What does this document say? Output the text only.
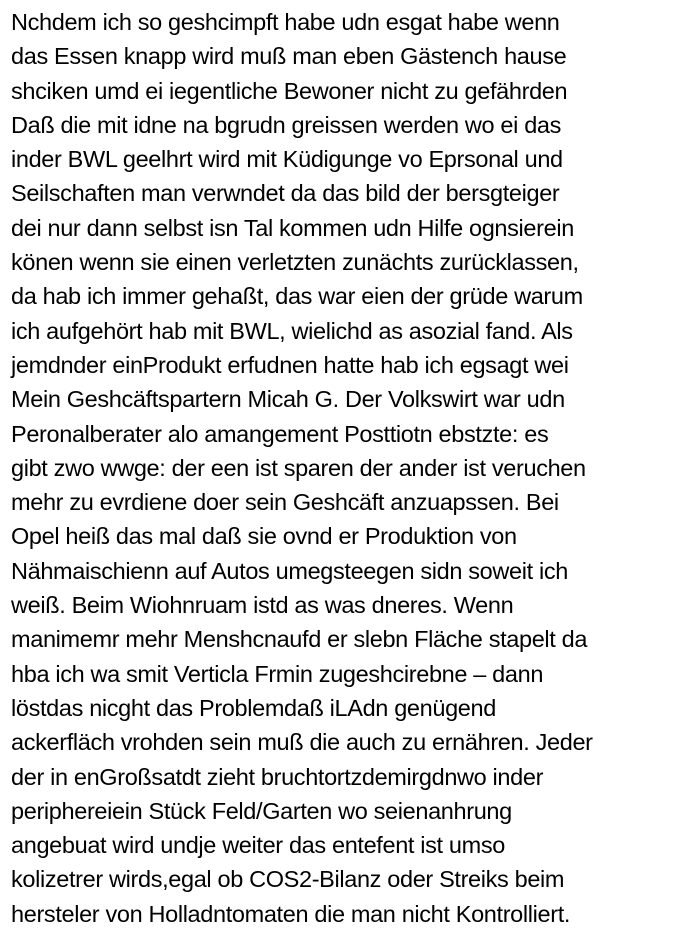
Nchdem ich so geshcimpft habe udn esgat habe wenn
das Essen knapp wird muß man eben Gästench hause
shciken umd ei iegentliche Bewoner nicht zu gefährden
Daß die mit idne na bgrudn greissen werden wo ei das
inder BWL geelhrt wird mit Küdigunge vo Eprsonal und
Seilschaften man verwndet da das bild der bersgteiger
dei nur dann selbst isn Tal kommen udn Hilfe ognsierein
könen wenn sie einen verletzten zunächts zurücklassen,
da hab ich immer gehaßt, das war eien der grüde warum
ich aufgehört hab mit BWL, wielichd as asozial fand. Als
jemdnder einProdukt erfudnen hatte hab ich egsagt wei
Mein Geshcäftspartern Micah G. Der Volkswirt war udn
Peronalberater alo amangement Posttiotn ebstzte: es
gibt zwo wwge: der een ist sparen der ander ist veruchen
mehr zu evrdiene doer sein Geshcäft anzuapssen. Bei
Opel heiß das mal daß sie ovnd er Produktion von
Nähmaischienn auf Autos umegsteegen sidn soweit ich
weiß. Beim Wiohnruam istd as was dneres. Wenn
manimemr mehr Menshcnaufd er slebn Fläche stapelt da
hba ich wa smit Verticla Frmin zugeshcirebne – dann
löstdas nicght das Problemdaß iLAdn genügend
ackerfläch vrohden sein muß die auch zu ernähren. Jeder
der in enGroßsatdt zieht bruchtortzdemirgdnwo inder
periphereiein Stück Feld/Garten wo seienanhrung
angebuat wird undje weiter das entefent ist umso
kolizetrer wirds,egal ob COS2-Bilanz oder Streiks beim
hersteler von Holladntomaten die man nicht Kontrolliert.
